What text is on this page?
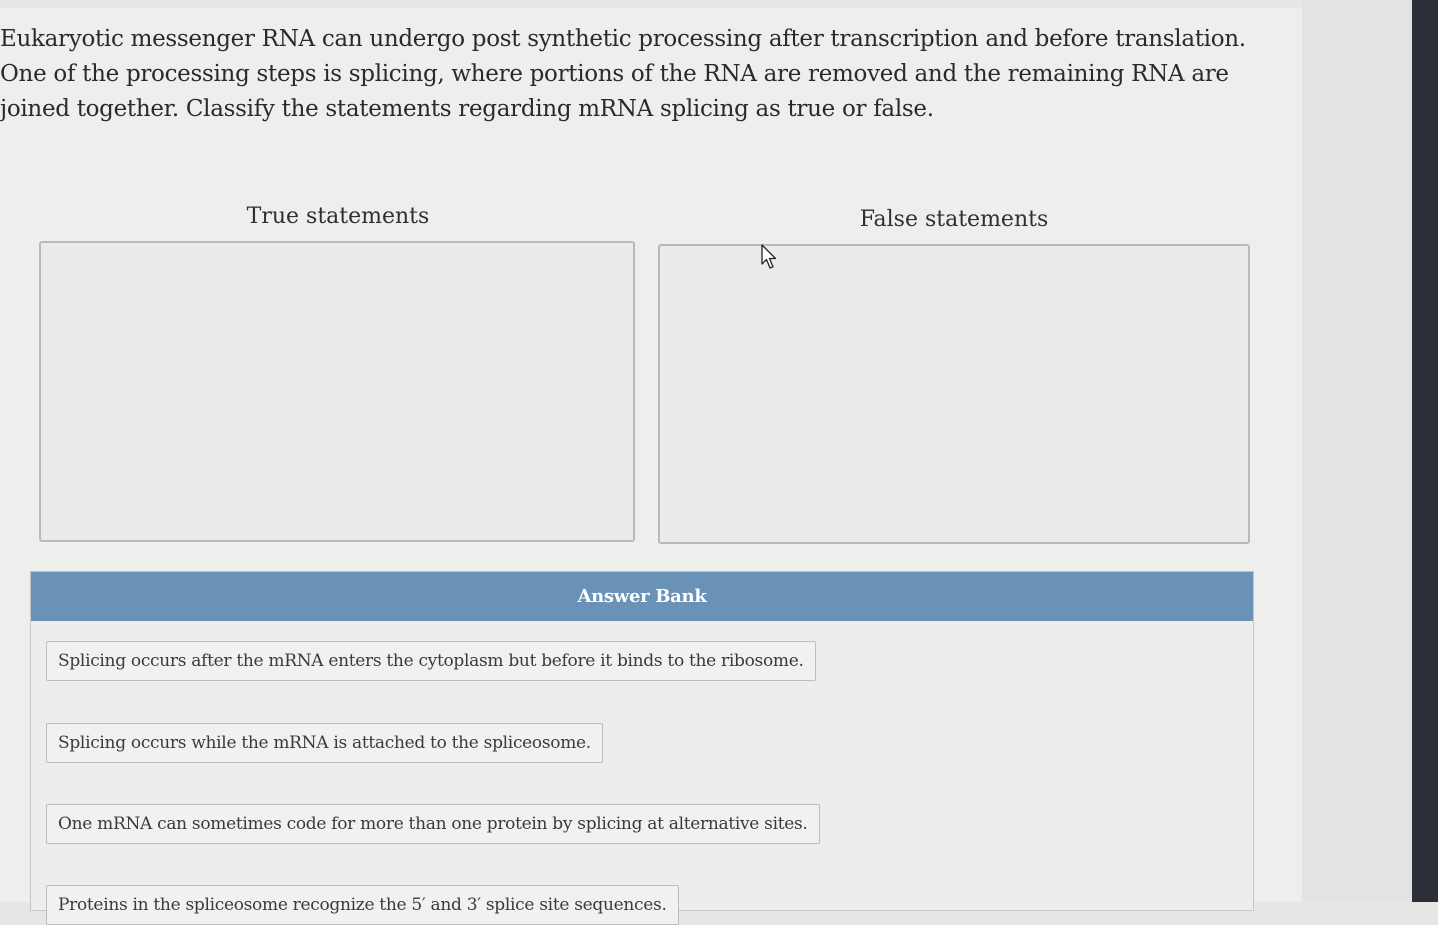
Eukaryotic messenger RNA can undergo post synthetic processing after transcription and before translation. One of the processing steps is splicing, where portions of the RNA are removed and the remaining RNA are joined together. Classify the statements regarding mRNA splicing as true or false.

True statements	False statements
Answer Bank
Splicing occurs after the mRNA enters the cytoplasm but before it binds to the ribosome.
Splicing occurs while the mRNA is attached to the spliceosome.
One mRNA can sometimes code for more than one protein by splicing at alternative sites.
Proteins in the spliceosome recognize the 5′ and 3′ splice site sequences.
